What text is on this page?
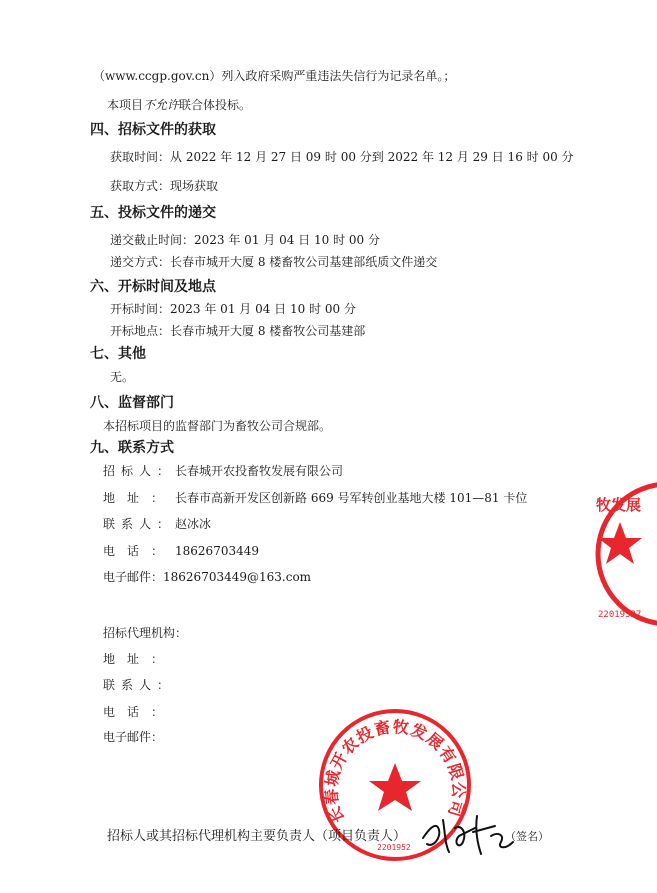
（www.ccgp.gov.cn）列入政府采购严重违法失信行为记录名单。；
本项目不允许联合体投标。
四、招标文件的获取
获取时间：从 2022 年 12 月 27 日 09 时 00 分到 2022 年 12 月 29 日 16 时 00 分
获取方式：现场获取
五、投标文件的递交
递交截止时间：2023 年 01 月 04 日 10 时 00 分
递交方式：长春市城开大厦 8 楼畜牧公司基建部纸质文件递交
六、开标时间及地点
开标时间：2023 年 01 月 04 日 10 时 00 分
开标地点：长春市城开大厦 8 楼畜牧公司基建部
七、其他
无。
八、监督部门
本招标项目的监督部门为畜牧公司合规部。
九、联系方式
招标人：长春城开农投畜牧发展有限公司
地址：长春市高新开发区创新路 669 号军转创业基地大楼 101—81 卡位
联系人：赵冰冰
电话：18626703449
电子邮件：18626703449@163.com
招标代理机构：
地址：
联系人：
电话：
电子邮件：
牧发展
22019527
长春城开农投畜牧发展有限公司
2201952
招标人或其招标代理机构主要负责人（项目负责人）	（签名）
